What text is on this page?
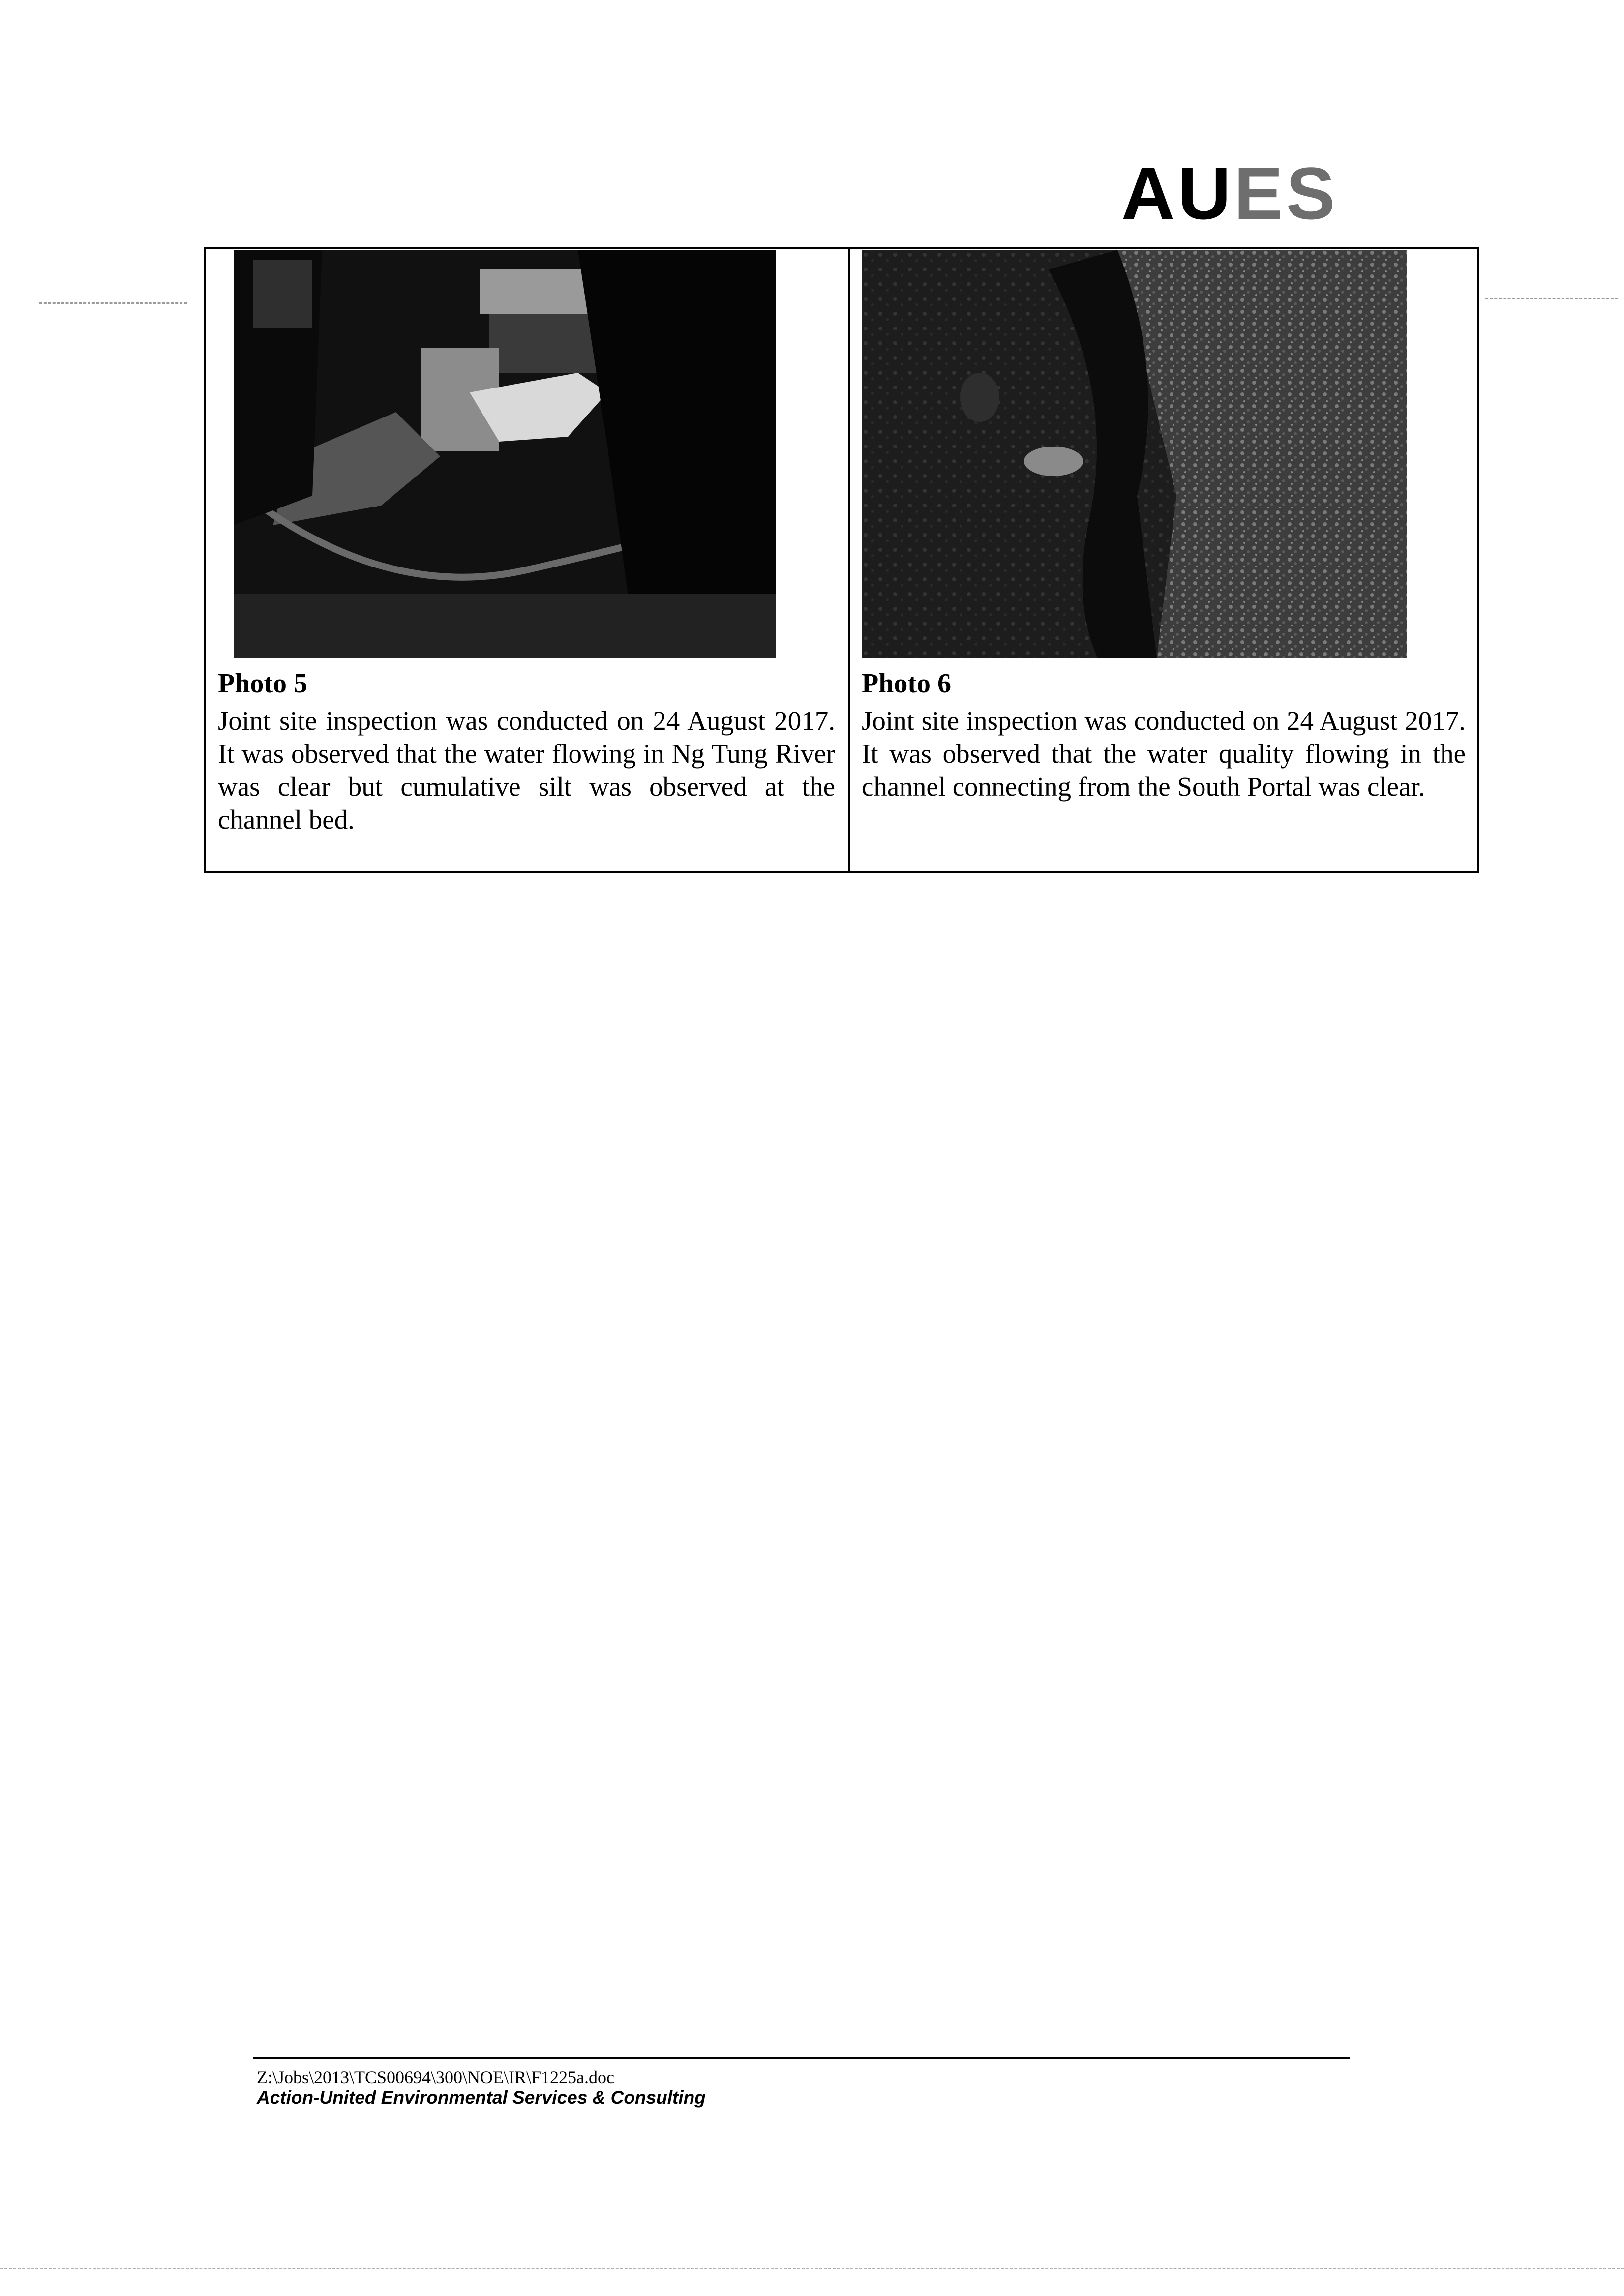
AUES
Photo 5
Joint site inspection was conducted on 24 August 2017. It was observed that the water flowing in Ng Tung River was clear but cumulative silt was observed at the channel bed.
Photo 6
Joint site inspection was conducted on 24 August 2017. It was observed that the water quality flowing in the channel connecting from the South Portal was clear.
Z:\Jobs\2013\TCS00694\300\NOE\IR\F1225a.doc
Action-United Environmental Services & Consulting
